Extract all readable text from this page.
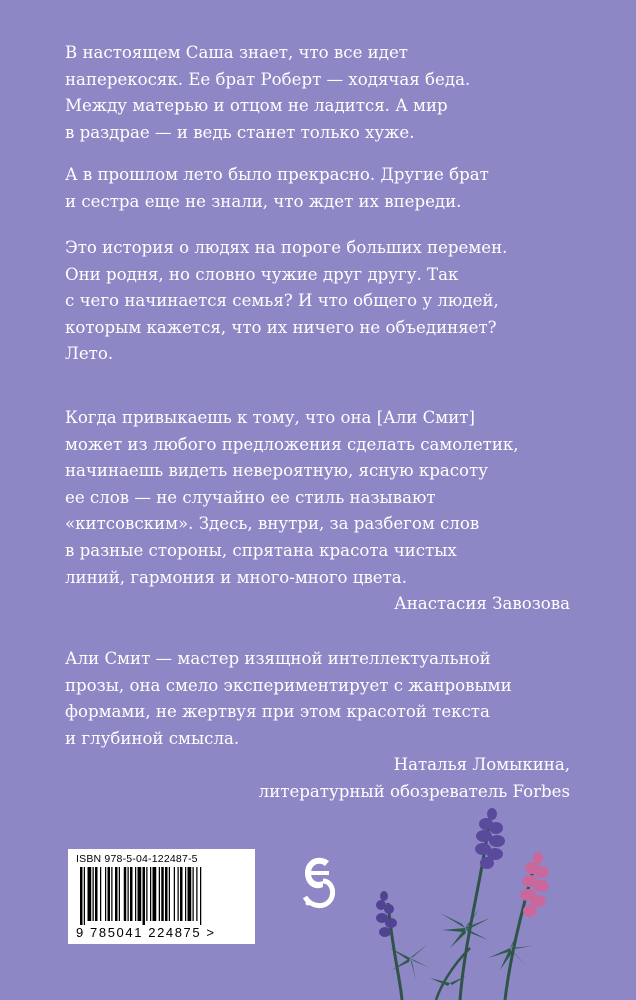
В настоящем Саша знает, что все идет
наперекосяк. Ее брат Роберт — ходячая беда.
Между матерью и отцом не ладится. А мир
в раздрае — и ведь станет только хуже.

А в прошлом лето было прекрасно. Другие брат
и сестра еще не знали, что ждет их впереди.

Это история о людях на пороге больших перемен.
Они родня, но словно чужие друг другу. Так
с чего начинается семья? И что общего у людей,
которым кажется, что их ничего не объединяет?
Лето.

Когда привыкаешь к тому, что она [Али Смит]
может из любого предложения сделать самолетик,
начинаешь видеть невероятную, ясную красоту
ее слов — не случайно ее стиль называют
«китсовским». Здесь, внутри, за разбегом слов
в разные стороны, спрятана красота чистых
линий, гармония и много-много цвета.

Анастасия Завозова

Али Смит — мастер изящной интеллектуальной
прозы, она смело экспериментирует с жанровыми
формами, не жертвуя при этом красотой текста
и глубиной смысла.

Наталья Ломыкина,
литературный обозреватель Forbes
ISBN 978-5-04-122487-5
9 785041 224875 >
